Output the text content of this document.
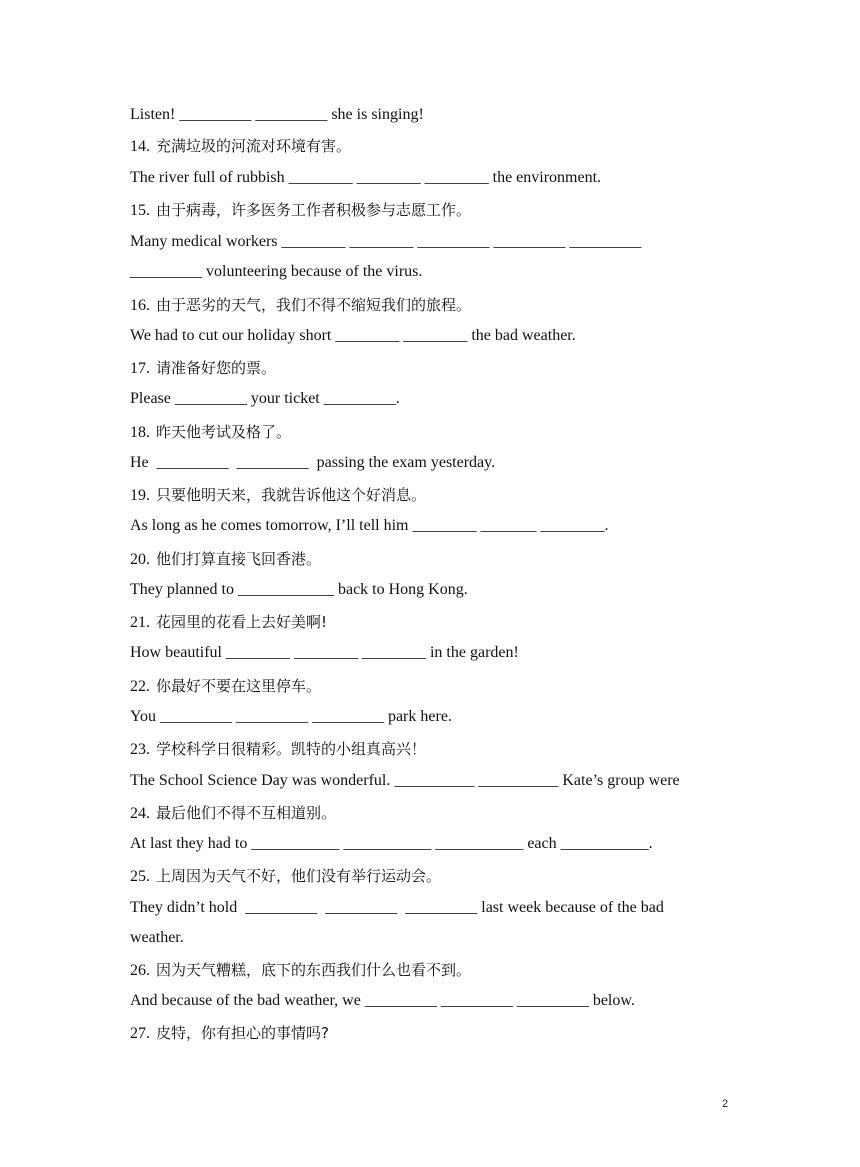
Listen! _________ _________ she is singing!
14. 充满垃圾的河流对环境有害。
The river full of rubbish ________ ________ ________ the environment.
15. 由于病毒，许多医务工作者积极参与志愿工作。
Many medical workers ________ ________ _________ _________ _________
_________ volunteering because of the virus.
16. 由于恶劣的天气，我们不得不缩短我们的旅程。
We had to cut our holiday short ________ ________ the bad weather.
17. 请准备好您的票。
Please _________ your ticket _________.
18. 昨天他考试及格了。
He  _________  _________  passing the exam yesterday.
19. 只要他明天来，我就告诉他这个好消息。
As long as he comes tomorrow, I’ll tell him ________ _______ ________.
20. 他们打算直接飞回香港。
They planned to ____________ back to Hong Kong.
21. 花园里的花看上去好美啊!
How beautiful ________ ________ ________ in the garden!
22. 你最好不要在这里停车。
You _________ _________ _________ park here.
23. 学校科学日很精彩。凯特的小组真高兴！
The School Science Day was wonderful. __________ __________ Kate’s group were
24. 最后他们不得不互相道别。
At last they had to ___________ ___________ ___________ each ___________.
25. 上周因为天气不好，他们没有举行运动会。
They didn’t hold  _________  _________  _________ last week because of the bad
weather.
26. 因为天气糟糕，底下的东西我们什么也看不到。
And because of the bad weather, we _________ _________ _________ below.
27. 皮特，你有担心的事情吗?
2
